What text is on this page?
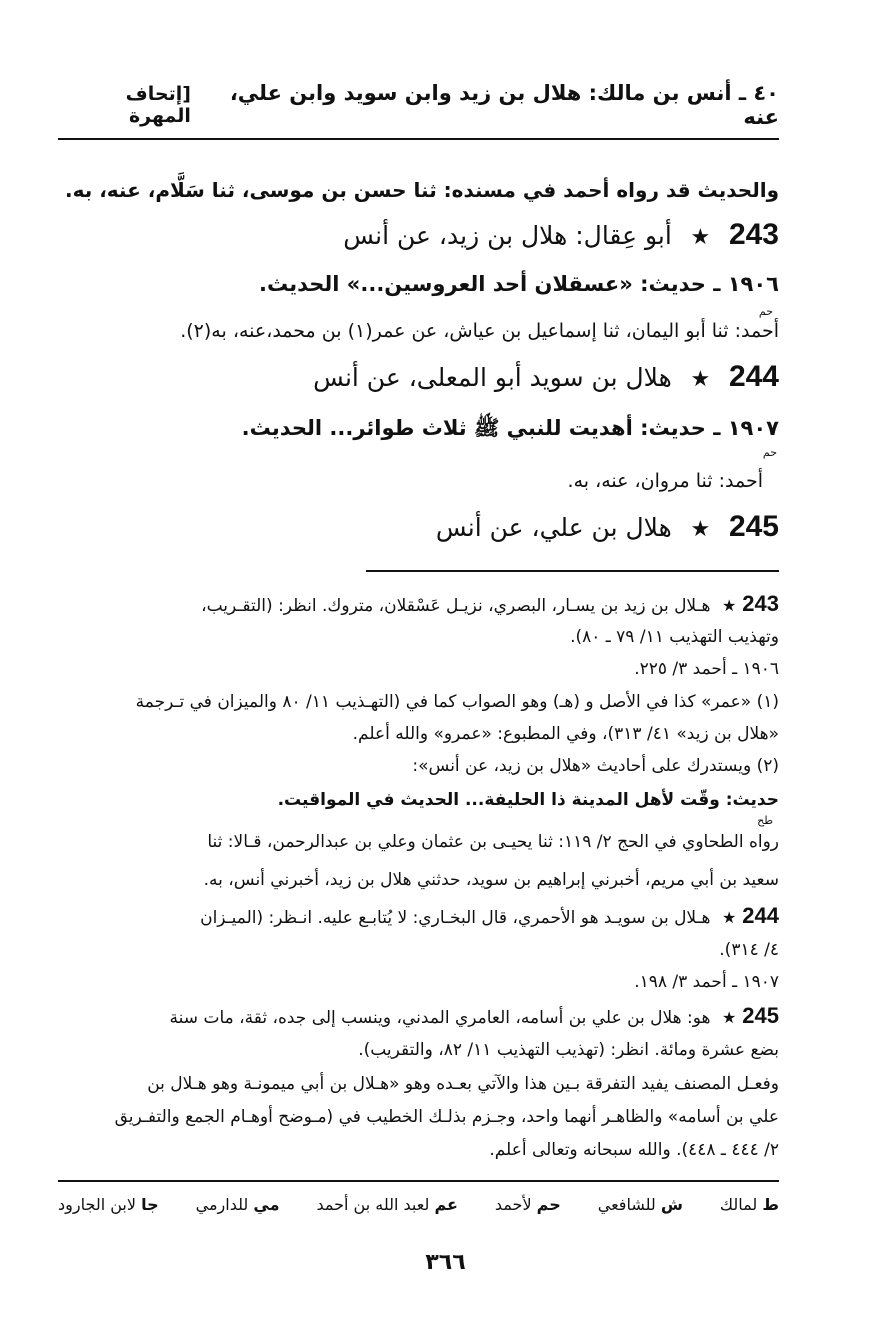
٤٠ ـ أنس بن مالك: هلال بن زيد وابن سويد وابن علي، عنه
[إتحاف المهرة
والحديث قد رواه أحمد في مسنده: ثنا حسن بن موسى، ثنا سَلَّام، عنه، به.
243 ★ أبو عِقال: هلال بن زيد، عن أنس
١٩٠٦ ـ حديث: «عسقلان أحد العروسين...» الحديث.
حم
أحمد: ثنا أبو اليمان، ثنا إسماعيل بن عياش، عن عمر(١) بن محمد،عنه، به(٢).
244 ★ هلال بن سويد أبو المعلى، عن أنس
١٩٠٧ ـ حديث: أهديت للنبي ﷺ ثلاث طوائر... الحديث.
حم
أحمد: ثنا مروان، عنه، به.
245 ★ هلال بن علي، عن أنس
243★ هـلال بن زيد بن يسـار، البصري، نزيـل عَسْقلان، متروك. انظر: (التقـريب،
وتهذيب التهذيب ١١/ ٧٩ ـ ٨٠).
١٩٠٦ ـ أحمد ٣/ ٢٢٥.
(١) «عمر» كذا في الأصل و (هـ) وهو الصواب كما في (التهـذيب ١١/ ٨٠ والميزان في تـرجمة
«هلال بن زيد» ٤١/ ٣١٣)، وفي المطبوع: «عمرو» والله أعلم.
(٢) ويستدرك على أحاديث «هلال بن زيد، عن أنس»:
حديث: وقّت لأهل المدينة ذا الحليفة... الحديث في المواقيت.
طح
رواه الطحاوي في الحج ٢/ ١١٩: ثنا يحيـى بن عثمان وعلي بن عبدالرحمن، قـالا: ثنا
سعيد بن أبي مريم، أخبرني إبراهيم بن سويد، حدثني هلال بن زيد، أخبرني أنس، به.
244★ هـلال بن سويـد هو الأحمري، قال البخـاري: لا يُتابـع عليه. انـظر: (الميـزان
٤/ ٣١٤).
١٩٠٧ ـ أحمد ٣/ ١٩٨.
245★ هو: هلال بن علي بن أسامه، العامري المدني، وينسب إلى جده، ثقة، مات سنة
بضع عشرة ومائة. انظر: (تهذيب التهذيب ١١/ ٨٢، والتقريب).
وفعـل المصنف يفيد التفرقة بـين هذا والآتي بعـده وهو «هـلال بن أبي ميمونـة وهو هـلال بن
علي بن أسامه» والظاهـر أنهما واحد، وجـزم بذلـك الخطيب في (مـوضح أوهـام الجمع والتفـريق
٢/ ٤٤٤ ـ ٤٤٨). والله سبحانه وتعالى أعلم.
ط لمالك
ش للشافعي
حم لأحمد
عم لعبد الله بن أحمد
مي للدارمي
جا لابن الجارود
٣٦٦
